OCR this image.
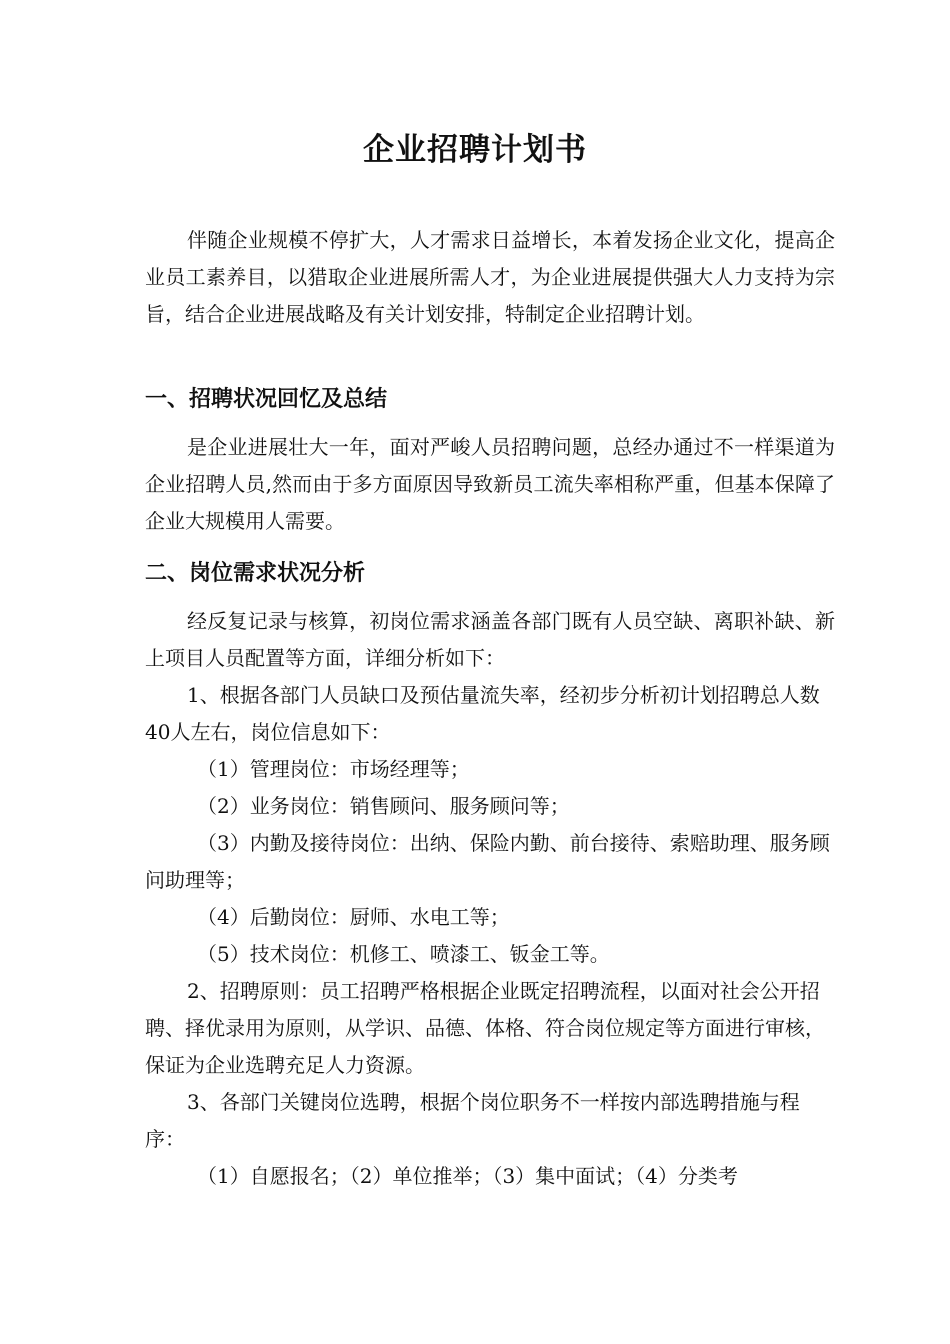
企业招聘计划书

伴随企业规模不停扩大，人才需求日益增长，本着发扬企业文化，提高企业员工素养目，以猎取企业进展所需人才，为企业进展提供强大人力支持为宗旨，结合企业进展战略及有关计划安排，特制定企业招聘计划。

一、招聘状况回忆及总结

是企业进展壮大一年，面对严峻人员招聘问题，总经办通过不一样渠道为企业招聘人员,然而由于多方面原因导致新员工流失率相称严重，但基本保障了企业大规模用人需要。

二、岗位需求状况分析

经反复记录与核算，初岗位需求涵盖各部门既有人员空缺、离职补缺、新上项目人员配置等方面，详细分析如下：

1、根据各部门人员缺口及预估量流失率，经初步分析初计划招聘总人数40人左右，岗位信息如下：

（1）管理岗位：市场经理等；

（2）业务岗位：销售顾问、服务顾问等；

（3）内勤及接待岗位：出纳、保险内勤、前台接待、索赔助理、服务顾问助理等；

（4）后勤岗位：厨师、水电工等；

（5）技术岗位：机修工、喷漆工、钣金工等。

2、招聘原则：员工招聘严格根据企业既定招聘流程，以面对社会公开招聘、择优录用为原则，从学识、品德、体格、符合岗位规定等方面进行审核，保证为企业选聘充足人力资源。

3、各部门关键岗位选聘，根据个岗位职务不一样按内部选聘措施与程序：

（1）自愿报名；（2）单位推举；（3）集中面试；（4）分类考
